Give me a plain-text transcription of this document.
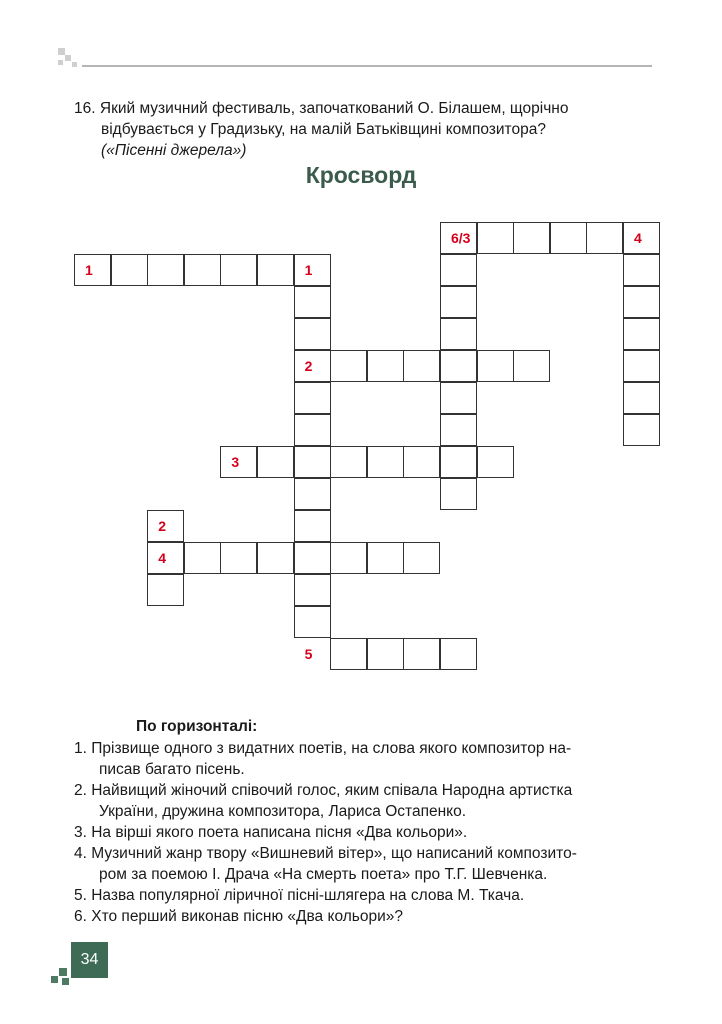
16. Який музичний фестиваль, започаткований О. Білашем, щорічно
відбувається у Градизьку, на малій Батьківщині композитора?
(«Пісенні джерела»)
Кросворд
6/3	4
1	1
2
3
2
4
5
По горизонталі:
1. Прізвище одного з видатних поетів, на слова якого композитор на-
писав багато пісень.
2. Найвищий жіночий співочий голос, яким співала Народна артистка
України, дружина композитора, Лариса Остапенко.
3. На вірші якого поета написана пісня «Два кольори».
4. Музичний жанр твору «Вишневий вітер», що написаний композито-
ром за поемою І. Драча «На смерть поета» про Т.Г. Шевченка.
5. Назва популярної ліричної пісні-шлягера на слова М. Ткача.
6. Хто перший виконав пісню «Два кольори»?
34
